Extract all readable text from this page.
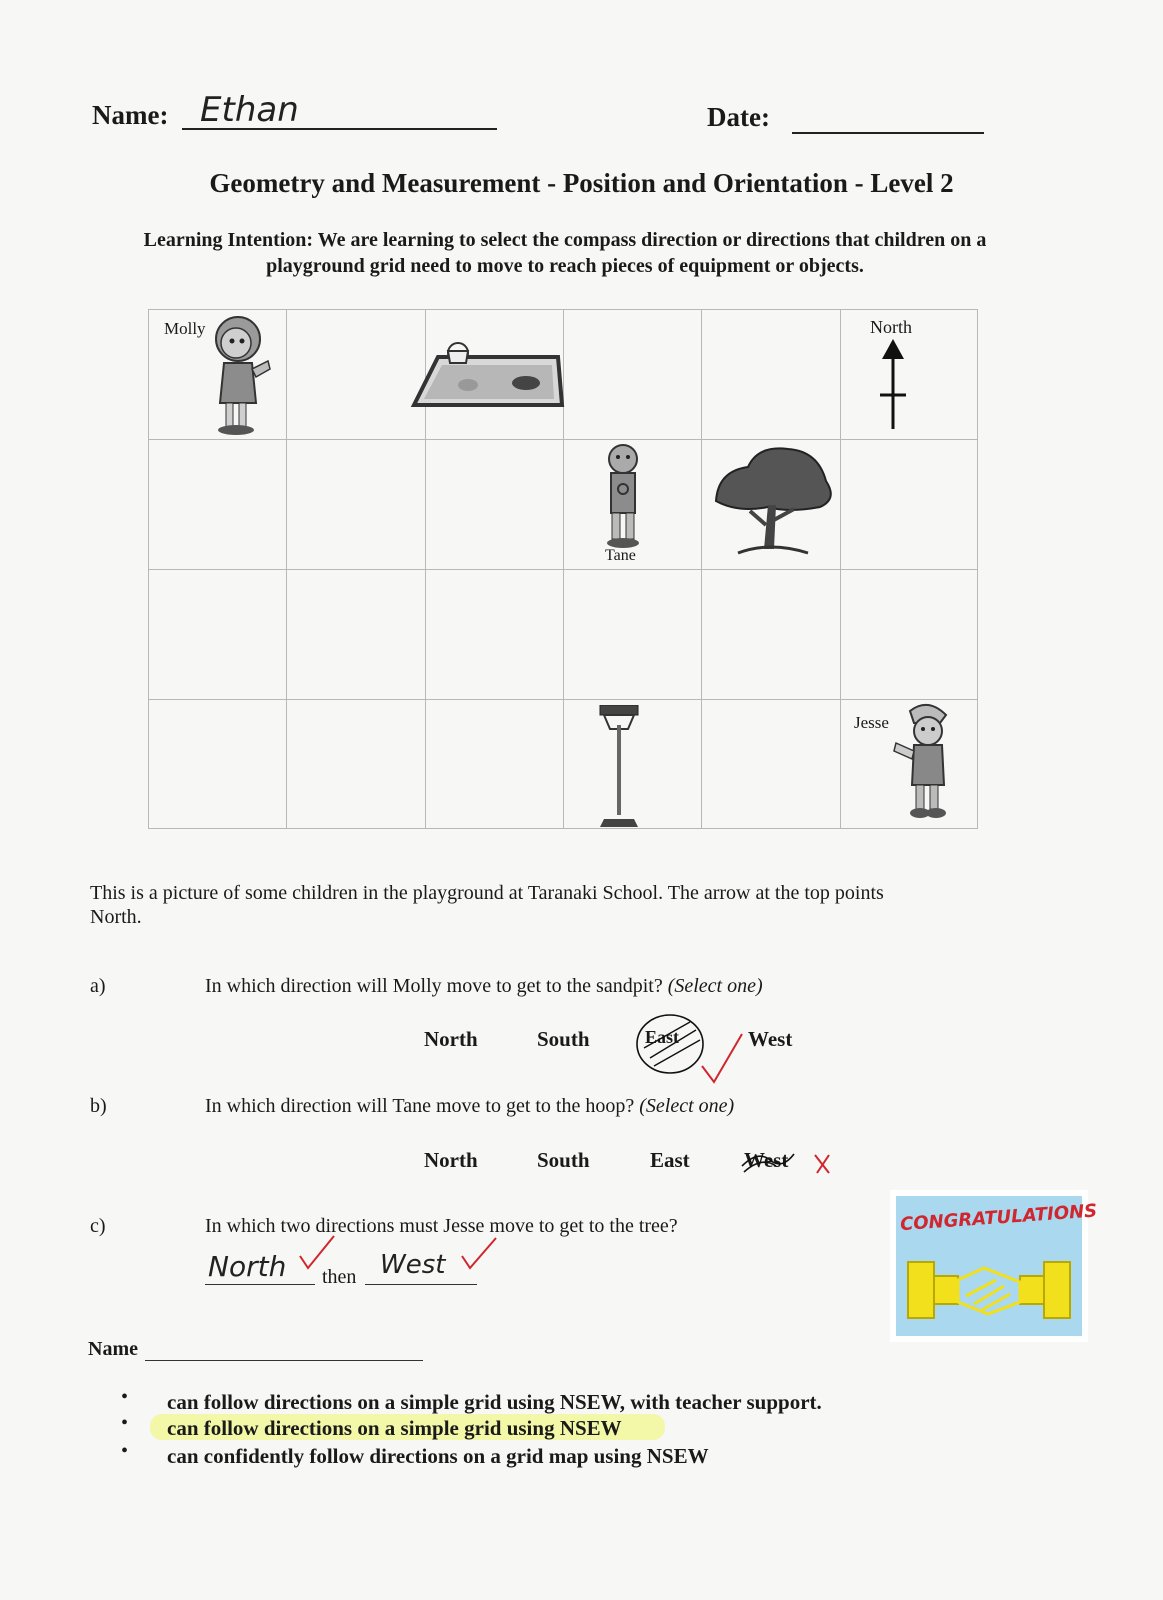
Name: Ethan	Date:
Geometry and Measurement - Position and Orientation - Level 2
Learning Intention: We are learning to select the compass direction or directions that children on a
playground grid need to move to reach pieces of equipment or objects.
Molly	North
Tane
Jesse
This is a picture of some children in the playground at Taranaki School. The arrow at the top points
North.
a)	In which direction will Molly move to get to the sandpit? (Select one)
North	South	East	West
b)	In which direction will Tane move to get to the hoop? (Select one)
North	South	East	West
c)	In which two directions must Jesse move to get to the tree?
North then West
CONGRATULATIONS
Name
• can follow directions on a simple grid using NSEW, with teacher support.
• can follow directions on a simple grid using NSEW
• can confidently follow directions on a grid map using NSEW
